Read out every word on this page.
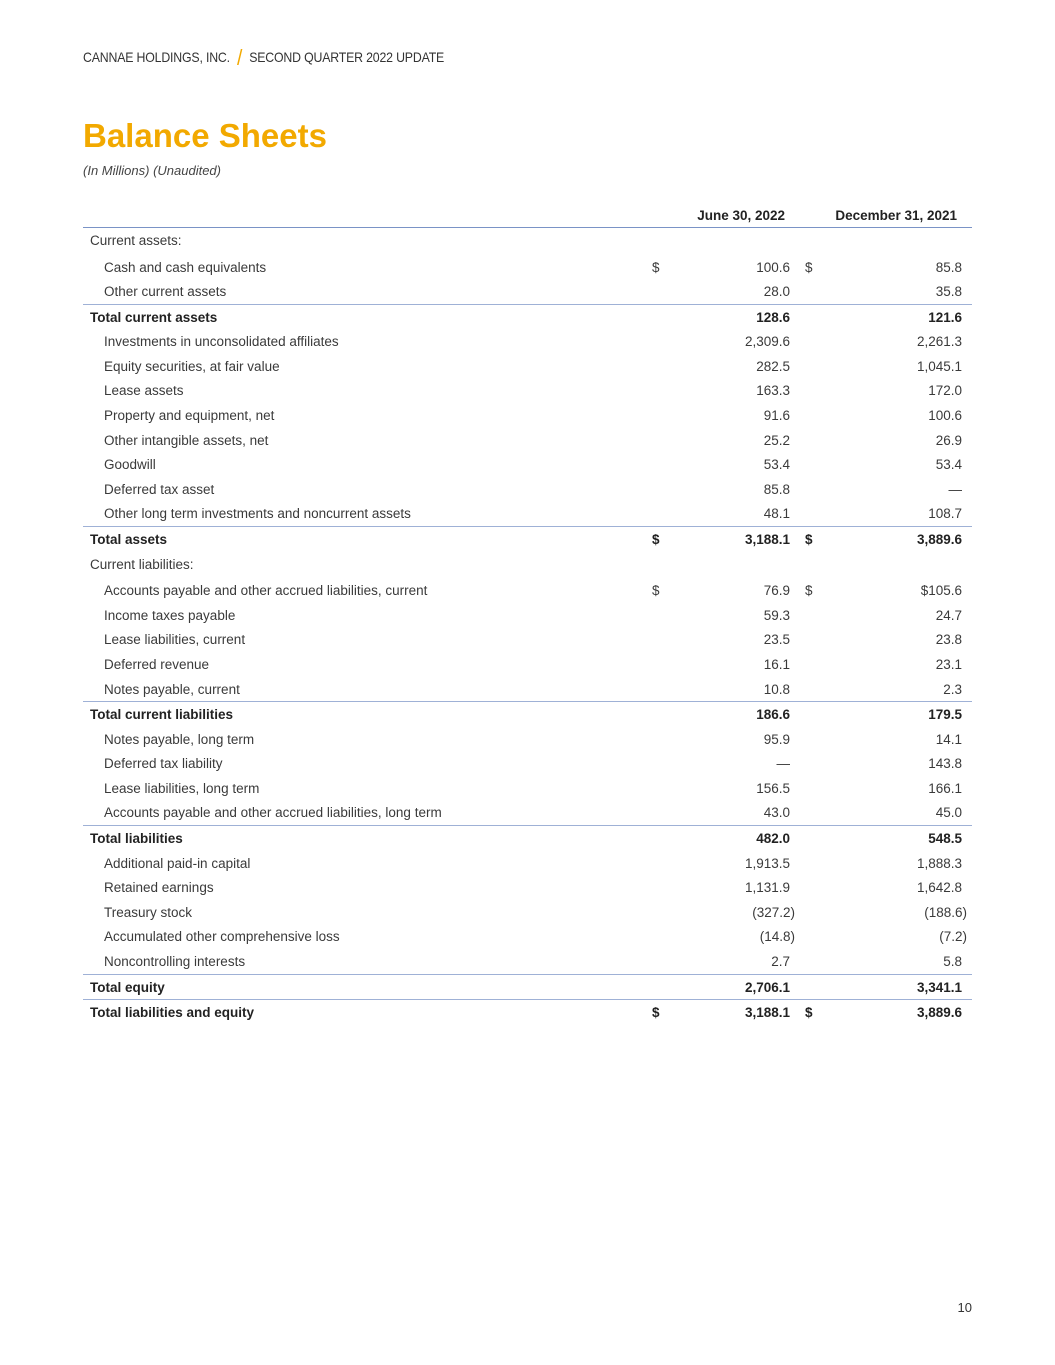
CANNAE HOLDINGS, INC. / SECOND QUARTER 2022 UPDATE
Balance Sheets
(In Millions) (Unaudited)
June 30, 2022	December 31, 2021
Current assets:
Cash and cash equivalents	$	100.6 $	85.8
Other current assets	28.0	35.8
Total current assets	128.6	121.6
Investments in unconsolidated affiliates	2,309.6	2,261.3
Equity securities, at fair value	282.5	1,045.1
Lease assets	163.3	172.0
Property and equipment, net	91.6	100.6
Other intangible assets, net	25.2	26.9
Goodwill	53.4	53.4
Deferred tax asset	85.8	—
Other long term investments and noncurrent assets	48.1	108.7
Total assets	$	3,188.1 $	3,889.6
Current liabilities:
Accounts payable and other accrued liabilities, current	$	76.9 $	$105.6
Income taxes payable	59.3	24.7
Lease liabilities, current	23.5	23.8
Deferred revenue	16.1	23.1
Notes payable, current	10.8	2.3
Total current liabilities	186.6	179.5
Notes payable, long term	95.9	14.1
Deferred tax liability	—	143.8
Lease liabilities, long term	156.5	166.1
Accounts payable and other accrued liabilities, long term	43.0	45.0
Total liabilities	482.0	548.5
Additional paid-in capital	1,913.5	1,888.3
Retained earnings	1,131.9	1,642.8
Treasury stock	(327.2)	(188.6)
Accumulated other comprehensive loss	(14.8)	(7.2)
Noncontrolling interests	2.7	5.8
Total equity	2,706.1	3,341.1
Total liabilities and equity	$	3,188.1 $	3,889.6
10
